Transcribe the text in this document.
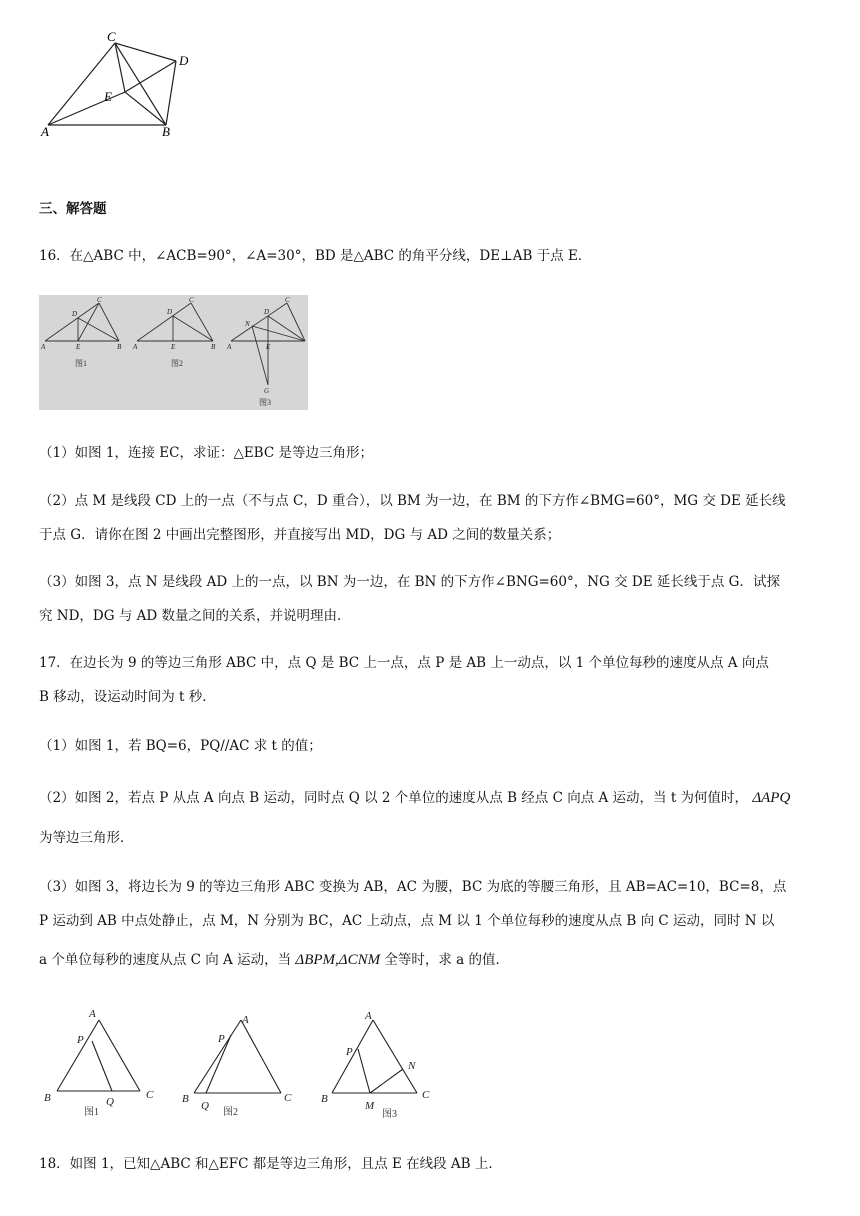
C
D
E
A	B
三、解答题
16．在△ABC 中，∠ACB=90°，∠A=30°，BD 是△ABC 的角平分线，DE⊥AB 于点 E．
C
D
A	E	B
C
D
A	E	B
C
D
N
A	E
G
图1	图2
图3
（1）如图 1，连接 EC，求证：△EBC 是等边三角形；
（2）点 M 是线段 CD 上的一点（不与点 C，D 重合），以 BM 为一边，在 BM 的下方作∠BMG=60°，MG 交 DE 延长线
于点 G．请你在图 2 中画出完整图形，并直接写出 MD，DG 与 AD 之间的数量关系；
（3）如图 3，点 N 是线段 AD 上的一点，以 BN 为一边，在 BN 的下方作∠BNG=60°，NG 交 DE 延长线于点 G．试探
究 ND，DG 与 AD 数量之间的关系，并说明理由．
17．在边长为 9 的等边三角形 ABC 中，点 Q 是 BC 上一点，点 P 是 AB 上一动点，以 1 个单位每秒的速度从点 A 向点
B 移动，设运动时间为 t 秒．
（1）如图 1，若 BQ=6，PQ//AC 求 t 的值；
（2）如图 2，若点 P 从点 A 向点 B 运动，同时点 Q 以 2 个单位的速度从点 B 经点 C 向点 A 运动，当 t 为何值时， ΔAPQ
为等边三角形．
（3）如图 3，将边长为 9 的等边三角形 ABC 变换为 AB，AC 为腰，BC 为底的等腰三角形，且 AB=AC=10，BC=8，点
P 运动到 AB 中点处静止，点 M，N 分别为 BC，AC 上动点，点 M 以 1 个单位每秒的速度从点 B 向 C 运动，同时 N 以
a 个单位每秒的速度从点 C 向 A 运动，当 ΔBPM,ΔCNM 全等时，求 a 的值．
A
P
B	C
Q
A
P
B
Q
C
A
P
N
B
M
C
图1	图2	图3
18．如图 1，已知△ABC 和△EFC 都是等边三角形，且点 E 在线段 AB 上．
